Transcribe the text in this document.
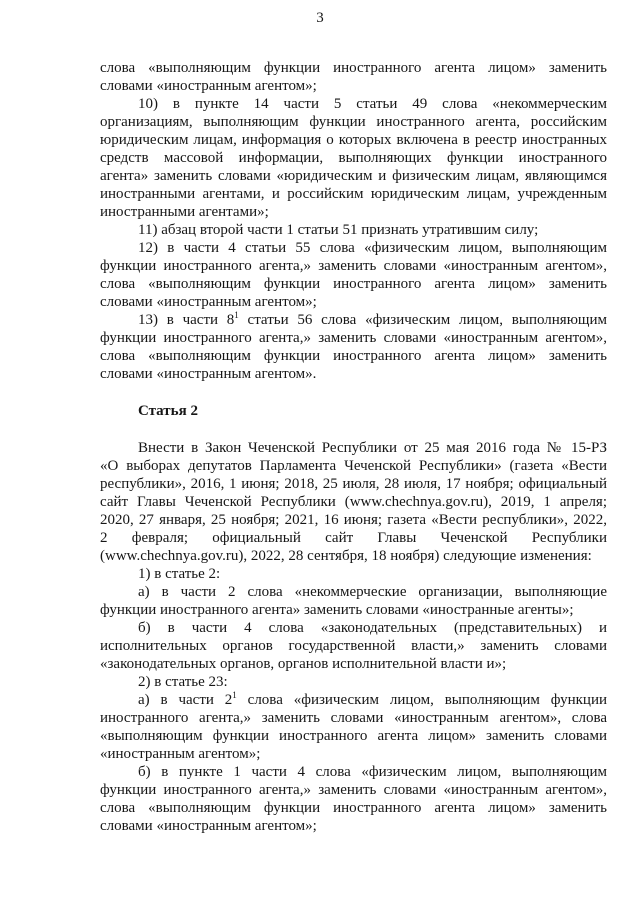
3
слова «выполняющим функции иностранного агента лицом» заменить
словами «иностранным агентом»;
10) в пункте 14 части 5 статьи 49 слова «некоммерческим
организациям, выполняющим функции иностранного агента, российским
юридическим лицам, информация о которых включена в реестр иностранных
средств массовой информации, выполняющих функции иностранного
агента» заменить словами «юридическим и физическим лицам, являющимся
иностранными агентами, и российским юридическим лицам, учрежденным
иностранными агентами»;
11) абзац второй части 1 статьи 51 признать утратившим силу;
12) в части 4 статьи 55 слова «физическим лицом, выполняющим
функции иностранного агента,» заменить словами «иностранным агентом»,
слова «выполняющим функции иностранного агента лицом» заменить
словами «иностранным агентом»;
13) в части $8^1$ статьи 56 слова «физическим лицом, выполняющим
функции иностранного агента,» заменить словами «иностранным агентом»,
слова «выполняющим функции иностранного агента лицом» заменить
словами «иностранным агентом».
Статья 2
Внести в Закон Чеченской Республики от 25 мая 2016 года № 15-РЗ
«О выборах депутатов Парламента Чеченской Республики» (газета «Вести
республики», 2016, 1 июня; 2018, 25 июля, 28 июля, 17 ноября; официальный
сайт Главы Чеченской Республики (www.chechnya.gov.ru), 2019, 1 апреля;
2020, 27 января, 25 ноября; 2021, 16 июня; газета «Вести республики», 2022,
2 февраля; официальный сайт Главы Чеченской Республики
(www.chechnya.gov.ru), 2022, 28 сентября, 18 ноября) следующие изменения:
1) в статье 2:
а) в части 2 слова «некоммерческие организации, выполняющие
функции иностранного агента» заменить словами «иностранные агенты»;
б) в части 4 слова «законодательных (представительных) и
исполнительных органов государственной власти,» заменить словами
«законодательных органов, органов исполнительной власти и»;
2) в статье 23:
а) в части $2^1$ слова «физическим лицом, выполняющим функции
иностранного агента,» заменить словами «иностранным агентом», слова
«выполняющим функции иностранного агента лицом» заменить словами
«иностранным агентом»;
б) в пункте 1 части 4 слова «физическим лицом, выполняющим
функции иностранного агента,» заменить словами «иностранным агентом»,
слова «выполняющим функции иностранного агента лицом» заменить
словами «иностранным агентом»;
